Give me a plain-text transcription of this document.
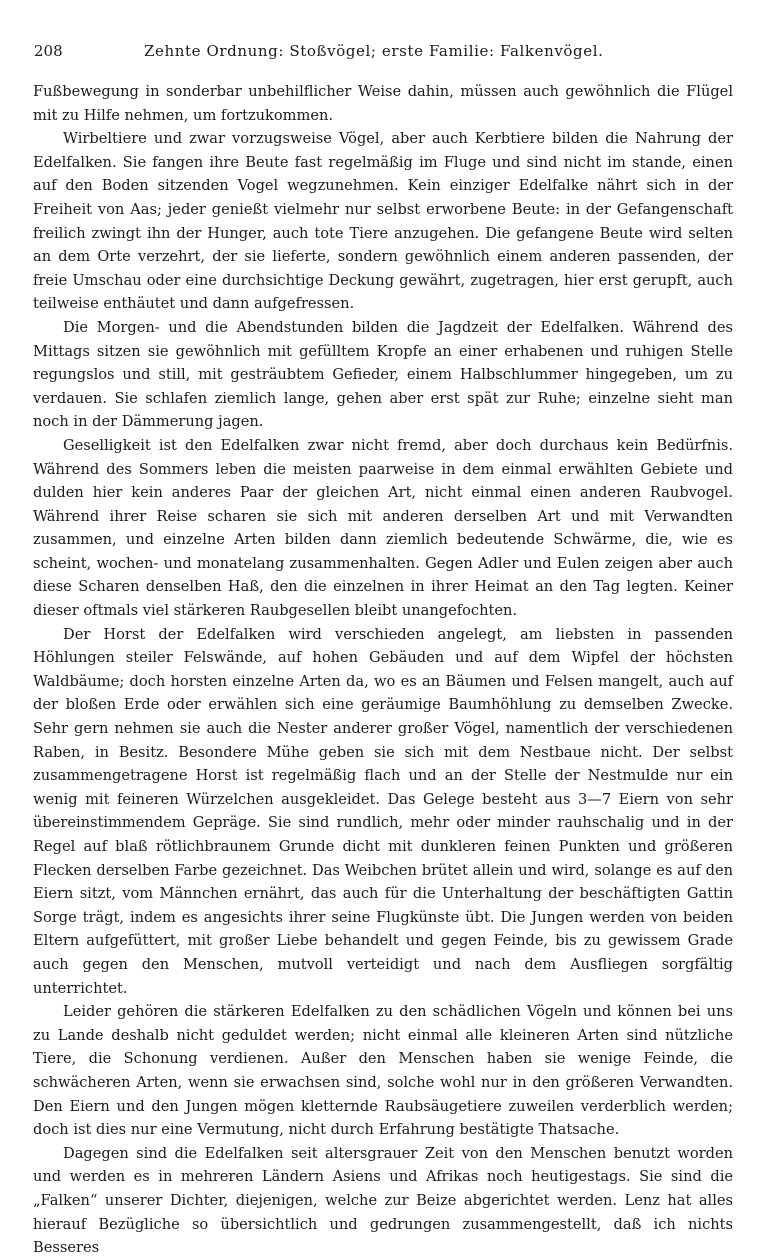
208	Zehnte Ordnung: Stoßvögel; erste Familie: Falkenvögel.

Fußbewegung in sonderbar unbehilflicher Weise dahin, müssen auch gewöhnlich die Flügel mit zu Hilfe nehmen, um fortzukommen.

Wirbeltiere und zwar vorzugsweise Vögel, aber auch Kerbtiere bilden die Nahrung der Edelfalken. Sie fangen ihre Beute fast regelmäßig im Fluge und sind nicht im stande, einen auf den Boden sitzenden Vogel wegzunehmen. Kein einziger Edelfalke nährt sich in der Freiheit von Aas; jeder genießt vielmehr nur selbst erworbene Beute: in der Gefangenschaft freilich zwingt ihn der Hunger, auch tote Tiere anzugehen. Die gefangene Beute wird selten an dem Orte verzehrt, der sie lieferte, sondern gewöhnlich einem anderen passenden, der freie Umschau oder eine durchsichtige Deckung gewährt, zugetragen, hier erst gerupft, auch teilweise enthäutet und dann aufgefressen.

Die Morgen- und die Abendstunden bilden die Jagdzeit der Edelfalken. Während des Mittags sitzen sie gewöhnlich mit gefülltem Kropfe an einer erhabenen und ruhigen Stelle regungslos und still, mit gesträubtem Gefieder, einem Halbschlummer hingegeben, um zu verdauen. Sie schlafen ziemlich lange, gehen aber erst spät zur Ruhe; einzelne sieht man noch in der Dämmerung jagen.

Geselligkeit ist den Edelfalken zwar nicht fremd, aber doch durchaus kein Bedürfnis. Während des Sommers leben die meisten paarweise in dem einmal erwählten Gebiete und dulden hier kein anderes Paar der gleichen Art, nicht einmal einen anderen Raubvogel. Während ihrer Reise scharen sie sich mit anderen derselben Art und mit Verwandten zusammen, und einzelne Arten bilden dann ziemlich bedeutende Schwärme, die, wie es scheint, wochen- und monatelang zusammenhalten. Gegen Adler und Eulen zeigen aber auch diese Scharen denselben Haß, den die einzelnen in ihrer Heimat an den Tag legten. Keiner dieser oftmals viel stärkeren Raubgesellen bleibt unangefochten.

Der Horst der Edelfalken wird verschieden angelegt, am liebsten in passenden Höhlungen steiler Felswände, auf hohen Gebäuden und auf dem Wipfel der höchsten Waldbäume; doch horsten einzelne Arten da, wo es an Bäumen und Felsen mangelt, auch auf der bloßen Erde oder erwählen sich eine geräumige Baumhöhlung zu demselben Zwecke. Sehr gern nehmen sie auch die Nester anderer großer Vögel, namentlich der verschiedenen Raben, in Besitz. Besondere Mühe geben sie sich mit dem Nestbaue nicht. Der selbst zusammengetragene Horst ist regelmäßig flach und an der Stelle der Nestmulde nur ein wenig mit feineren Würzelchen ausgekleidet. Das Gelege besteht aus 3—7 Eiern von sehr übereinstimmendem Gepräge. Sie sind rundlich, mehr oder minder rauhschalig und in der Regel auf blaß rötlichbraunem Grunde dicht mit dunkleren feinen Punkten und größeren Flecken derselben Farbe gezeichnet. Das Weibchen brütet allein und wird, solange es auf den Eiern sitzt, vom Männchen ernährt, das auch für die Unterhaltung der beschäftigten Gattin Sorge trägt, indem es angesichts ihrer seine Flugkünste übt. Die Jungen werden von beiden Eltern aufgefüttert, mit großer Liebe behandelt und gegen Feinde, bis zu gewissem Grade auch gegen den Menschen, mutvoll verteidigt und nach dem Ausfliegen sorgfältig unterrichtet.

Leider gehören die stärkeren Edelfalken zu den schädlichen Vögeln und können bei uns zu Lande deshalb nicht geduldet werden; nicht einmal alle kleineren Arten sind nützliche Tiere, die Schonung verdienen. Außer den Menschen haben sie wenige Feinde, die schwächeren Arten, wenn sie erwachsen sind, solche wohl nur in den größeren Verwandten. Den Eiern und den Jungen mögen kletternde Raubsäugetiere zuweilen verderblich werden; doch ist dies nur eine Vermutung, nicht durch Erfahrung bestätigte Thatsache.

Dagegen sind die Edelfalken seit altersgrauer Zeit von den Menschen benutzt worden und werden es in mehreren Ländern Asiens und Afrikas noch heutigestags. Sie sind die „Falken“ unserer Dichter, diejenigen, welche zur Beize abgerichtet werden. Lenz hat alles hierauf Bezügliche so übersichtlich und gedrungen zusammengestellt, daß ich nichts Besseres
